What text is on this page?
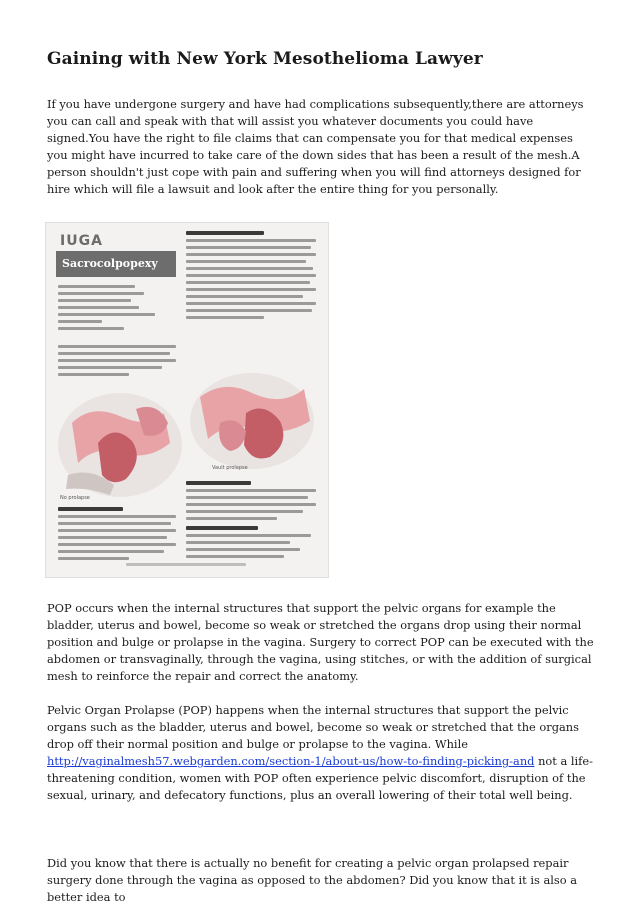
Gaining with New York Mesothelioma Lawyer

If you have undergone surgery and have had complications subsequently,there are attorneys you can call and speak with that will assist you whatever documents you could have signed.You have the right to file claims that can compensate you for that medical expenses you might have incurred to take care of the down sides that has been a result of the mesh.A person shouldn't just cope with pain and suffering when you will find attorneys designed for hire which will file a lawsuit and look after the entire thing for you personally.

IUGA
Sacrocolpopexy
No prolapse
Vault prolapse

POP occurs when the internal structures that support the pelvic organs for example the bladder, uterus and bowel, become so weak or stretched the organs drop using their normal position and bulge or prolapse in the vagina. Surgery to correct POP can be executed with the abdomen or transvaginally, through the vagina, using stitches, or with the addition of surgical mesh to reinforce the repair and correct the anatomy.

Pelvic Organ Prolapse (POP) happens when the internal structures that support the pelvic organs such as the bladder, uterus and bowel, become so weak or stretched that the organs drop off their normal position and bulge or prolapse to the vagina. While http://vaginalmesh57.webgarden.com/section-1/about-us/how-to-finding-picking-and not a life-threatening condition, women with POP often experience pelvic discomfort, disruption of the sexual, urinary, and defecatory functions, plus an overall lowering of their total well being.

Did you know that there is actually no benefit for creating a pelvic organ prolapsed repair surgery done through the vagina as opposed to the abdomen? Did you know that it is also a better idea to
